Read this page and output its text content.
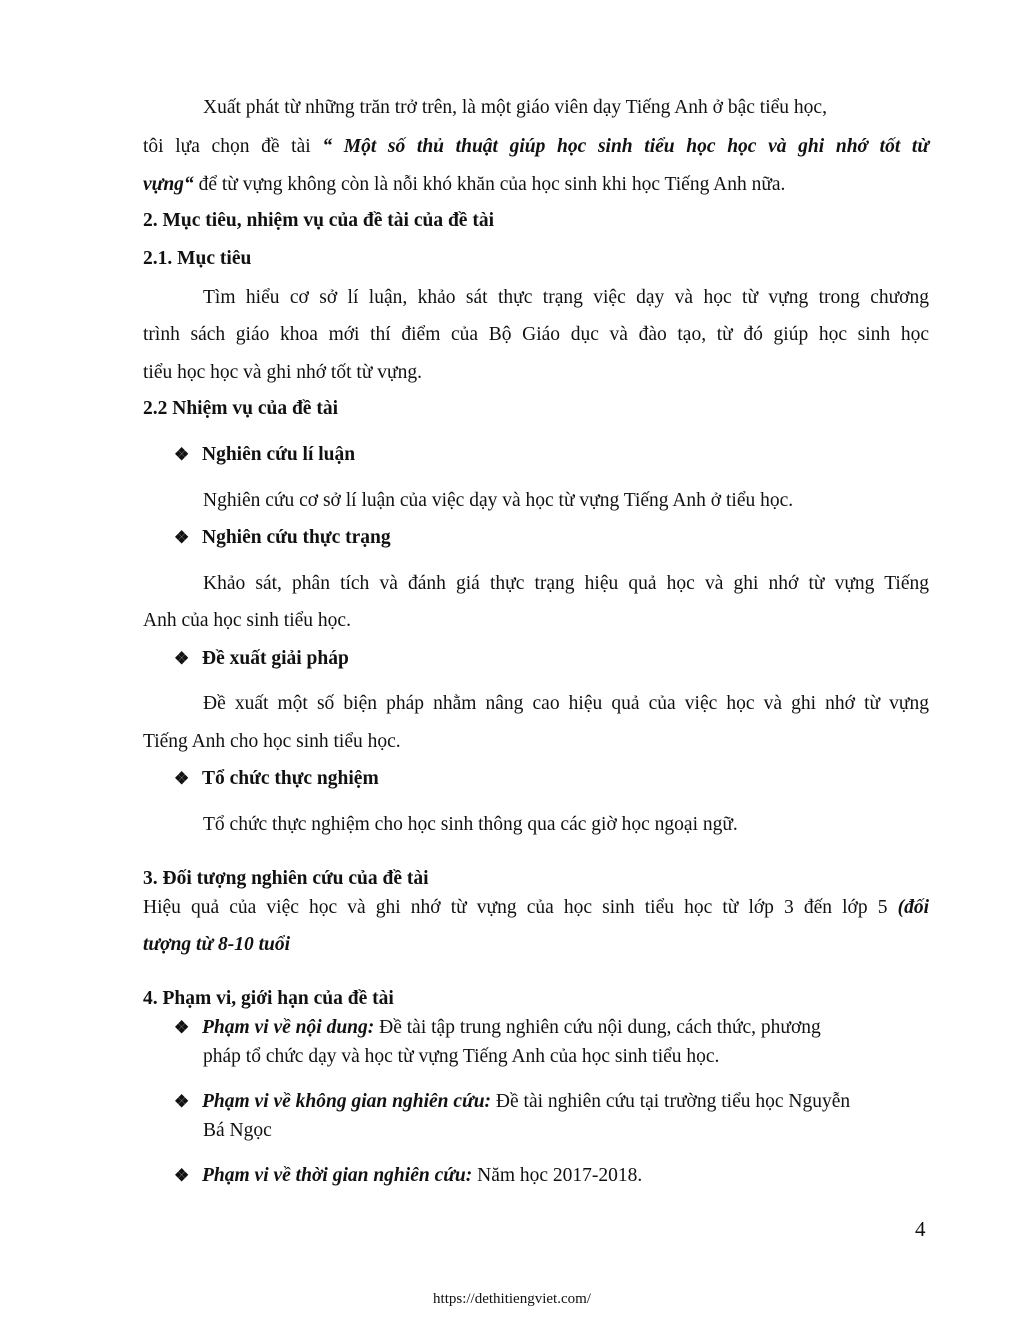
Xuất phát từ những trăn trở trên, là một giáo viên dạy Tiếng Anh ở bậc tiểu học,
tôi lựa chọn đề tài “ Một số thủ thuật giúp học sinh tiểu học học và ghi nhớ tốt từ
vựng“ để từ vựng không còn là nỗi khó khăn của học sinh khi học Tiếng Anh nữa.
2. Mục tiêu, nhiệm vụ của đề tài của đề tài
2.1. Mục tiêu
Tìm hiểu cơ sở lí luận, khảo sát thực trạng việc dạy và học từ vựng trong chương
trình sách giáo khoa mới thí điểm của Bộ Giáo dục và đào tạo, từ đó giúp học sinh học
tiểu học học và ghi nhớ tốt từ vựng.
2.2 Nhiệm vụ của đề tài
❖ Nghiên cứu lí luận
Nghiên cứu cơ sở lí luận của việc dạy và học từ vựng Tiếng Anh ở tiểu học.
❖ Nghiên cứu thực trạng
Khảo sát, phân tích và đánh giá thực trạng hiệu quả học và ghi nhớ từ vựng Tiếng
Anh của học sinh tiểu học.
❖ Đề xuất giải pháp
Đề xuất một số biện pháp nhằm nâng cao hiệu quả của việc học và ghi nhớ từ vựng
Tiếng Anh cho học sinh tiểu học.
❖ Tổ chức thực nghiệm
Tổ chức thực nghiệm cho học sinh thông qua các giờ học ngoại ngữ.
3. Đối tượng nghiên cứu của đề tài
Hiệu quả của việc học và ghi nhớ từ vựng của học sinh tiểu học từ lớp 3 đến lớp 5 (đối
tượng từ 8-10 tuổi
4. Phạm vi, giới hạn của đề tài
❖ Phạm vi về nội dung: Đề tài tập trung nghiên cứu nội dung, cách thức, phương
pháp tổ chức dạy và học từ vựng Tiếng Anh của học sinh tiểu học.
❖ Phạm vi về không gian nghiên cứu: Đề tài nghiên cứu tại trường tiểu học Nguyễn
Bá Ngọc
❖ Phạm vi về thời gian nghiên cứu: Năm học 2017-2018.
4
https://dethitiengviet.com/
